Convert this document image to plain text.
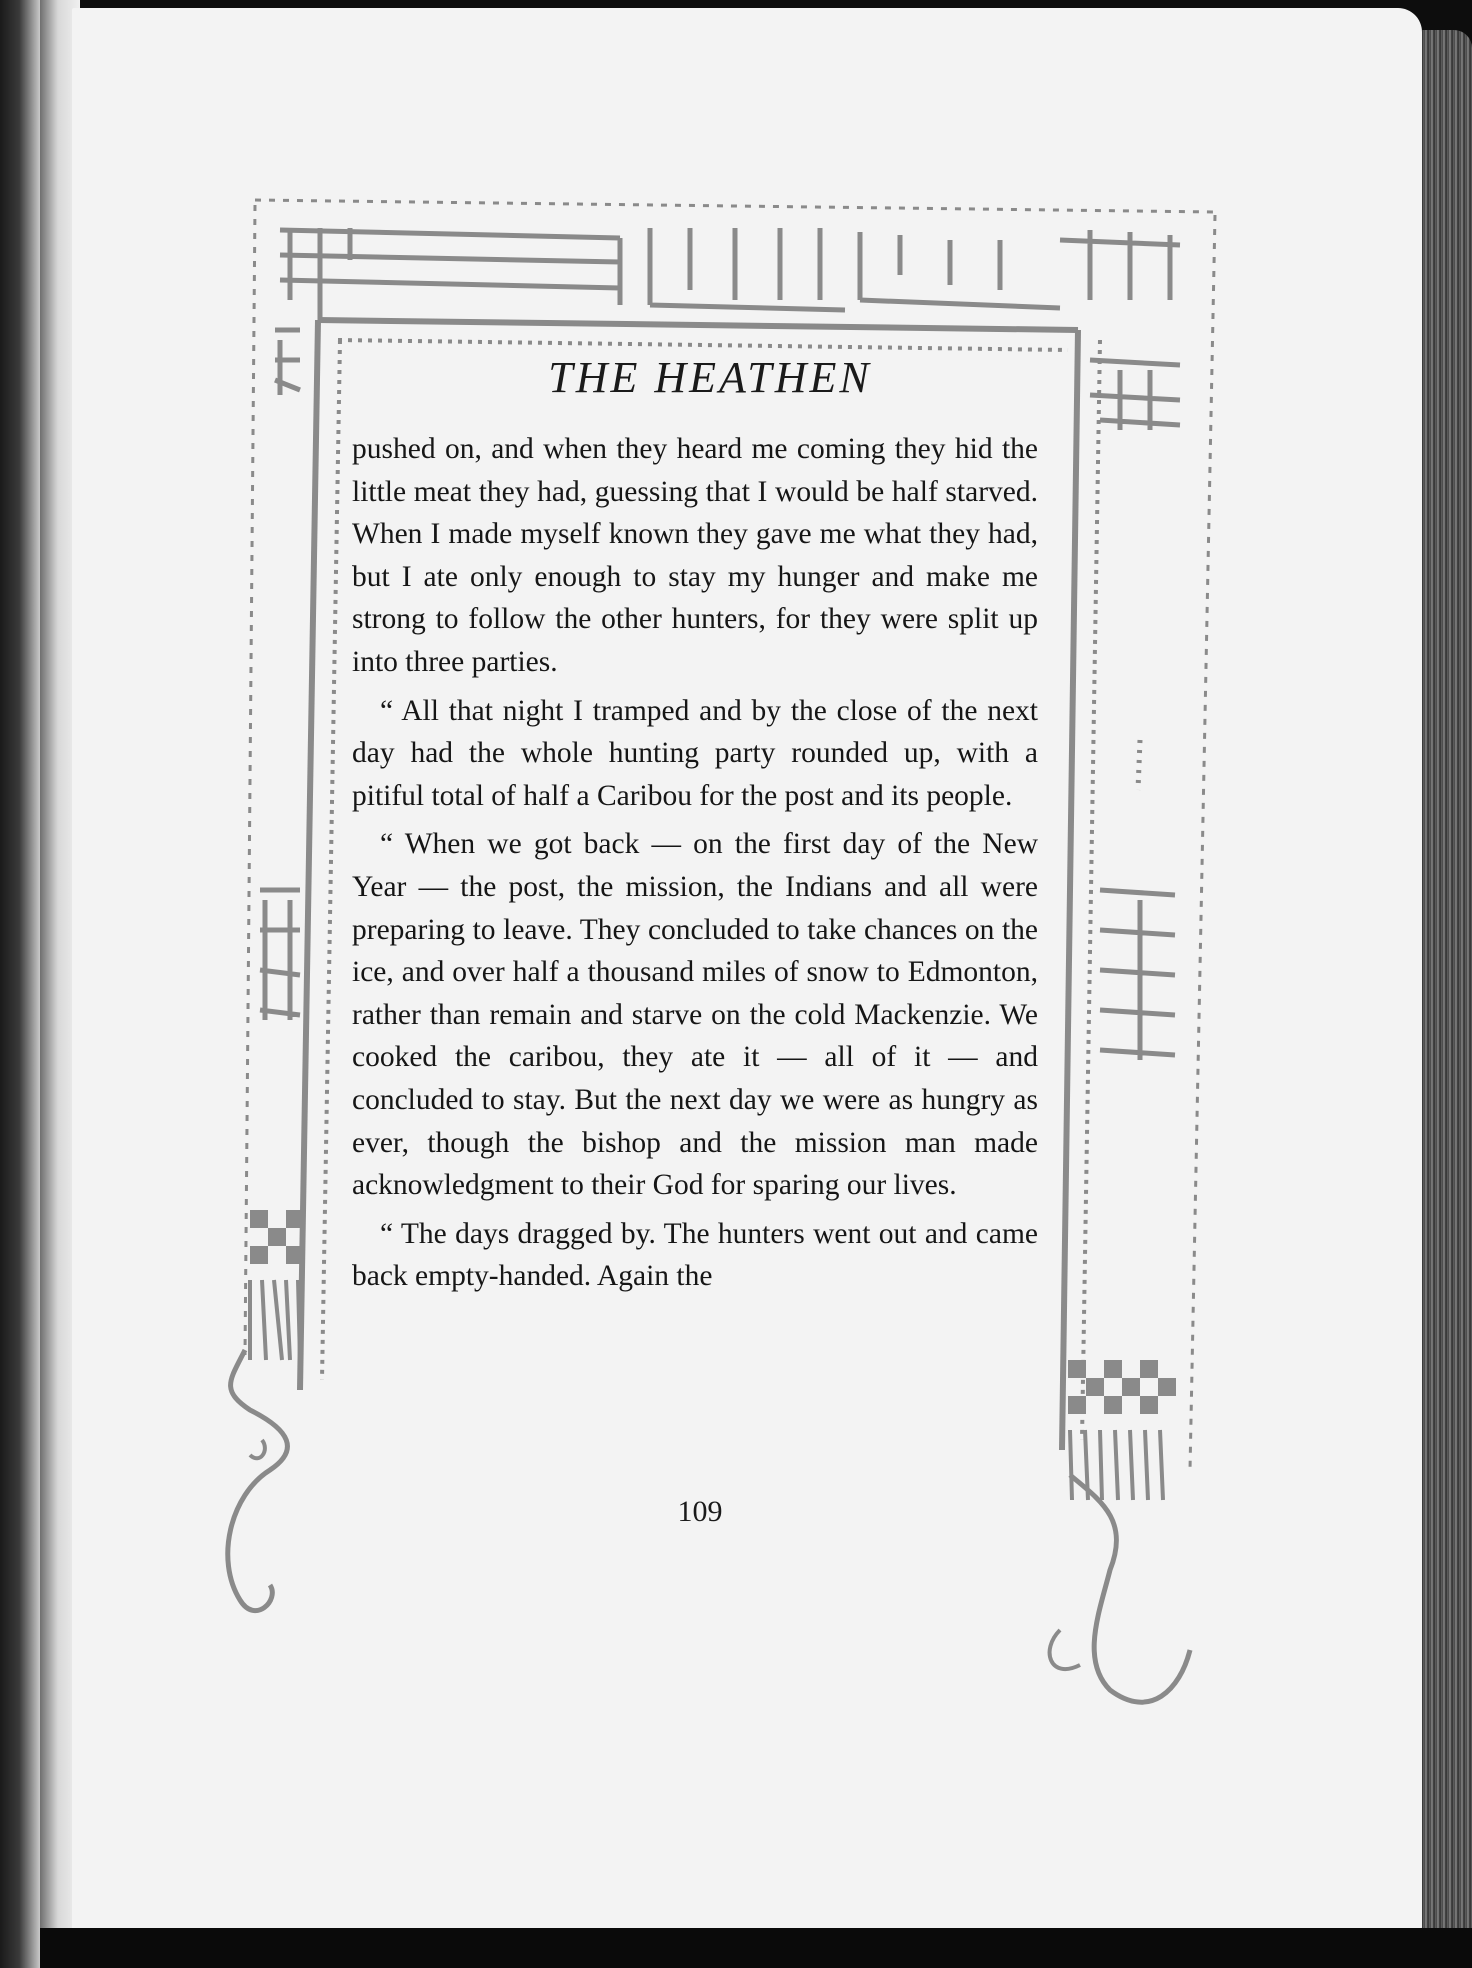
THE HEATHEN

pushed on, and when they heard me coming they hid the little meat they had, guessing that I would be half starved. When I made myself known they gave me what they had, but I ate only enough to stay my hunger and make me strong to follow the other hunters, for they were split up into three parties.

“ All that night I tramped and by the close of the next day had the whole hunting party rounded up, with a pitiful total of half a Caribou for the post and its people.

“ When we got back — on the first day of the New Year — the post, the mission, the Indians and all were preparing to leave. They concluded to take chances on the ice, and over half a thousand miles of snow to Edmonton, rather than remain and starve on the cold Mackenzie. We cooked the caribou, they ate it — all of it — and concluded to stay. But the next day we were as hungry as ever, though the bishop and the mission man made acknowledgment to their God for sparing our lives.

“ The days dragged by. The hunters went out and came back empty-handed. Again the

109
